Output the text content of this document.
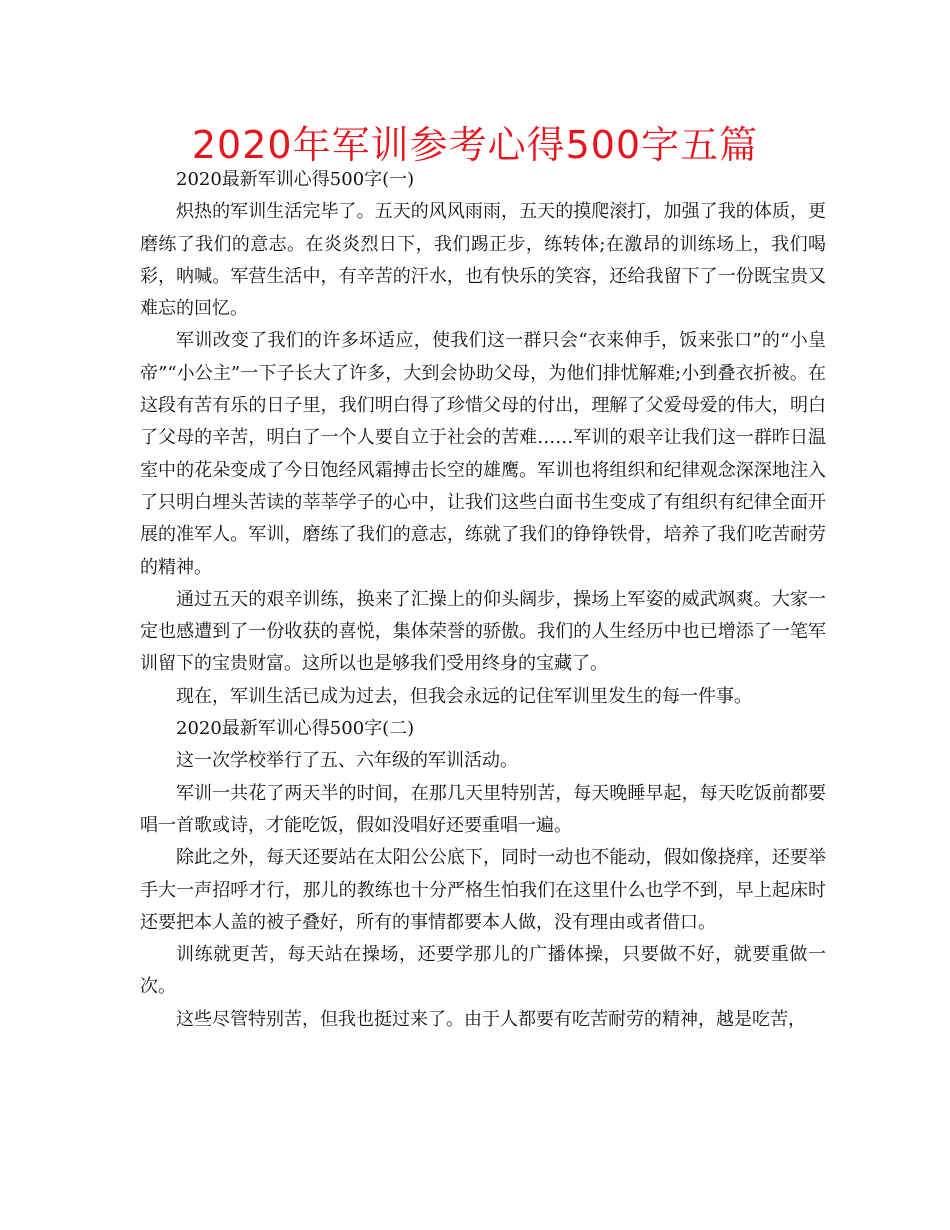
2020年军训参考心得500字五篇

2020最新军训心得500字(一)

炽热的军训生活完毕了。五天的风风雨雨，五天的摸爬滚打，加强了我的体质，更磨练了我们的意志。在炎炎烈日下，我们踢正步，练转体;在激昂的训练场上，我们喝彩，呐喊。军营生活中，有辛苦的汗水，也有快乐的笑容，还给我留下了一份既宝贵又难忘的回忆。

军训改变了我们的许多坏适应，使我们这一群只会“衣来伸手，饭来张口”的“小皇帝”“小公主”一下子长大了许多，大到会协助父母，为他们排忧解难;小到叠衣折被。在这段有苦有乐的日子里，我们明白得了珍惜父母的付出，理解了父爱母爱的伟大，明白了父母的辛苦，明白了一个人要自立于社会的苦难……军训的艰辛让我们这一群昨日温室中的花朵变成了今日饱经风霜搏击长空的雄鹰。军训也将组织和纪律观念深深地注入了只明白埋头苦读的莘莘学子的心中，让我们这些白面书生变成了有组织有纪律全面开展的准军人。军训，磨练了我们的意志，练就了我们的铮铮铁骨，培养了我们吃苦耐劳的精神。

通过五天的艰辛训练，换来了汇操上的仰头阔步，操场上军姿的威武飒爽。大家一定也感遭到了一份收获的喜悦，集体荣誉的骄傲。我们的人生经历中也已增添了一笔军训留下的宝贵财富。这所以也是够我们受用终身的宝藏了。

现在，军训生活已成为过去，但我会永远的记住军训里发生的每一件事。

2020最新军训心得500字(二)

这一次学校举行了五、六年级的军训活动。

军训一共花了两天半的时间，在那几天里特别苦，每天晚睡早起，每天吃饭前都要唱一首歌或诗，才能吃饭，假如没唱好还要重唱一遍。

除此之外，每天还要站在太阳公公底下，同时一动也不能动，假如像挠痒，还要举手大一声招呼才行，那儿的教练也十分严格生怕我们在这里什么也学不到，早上起床时还要把本人盖的被子叠好，所有的事情都要本人做，没有理由或者借口。

训练就更苦，每天站在操场，还要学那儿的广播体操，只要做不好，就要重做一次。

这些尽管特别苦，但我也挺过来了。由于人都要有吃苦耐劳的精神，越是吃苦，
